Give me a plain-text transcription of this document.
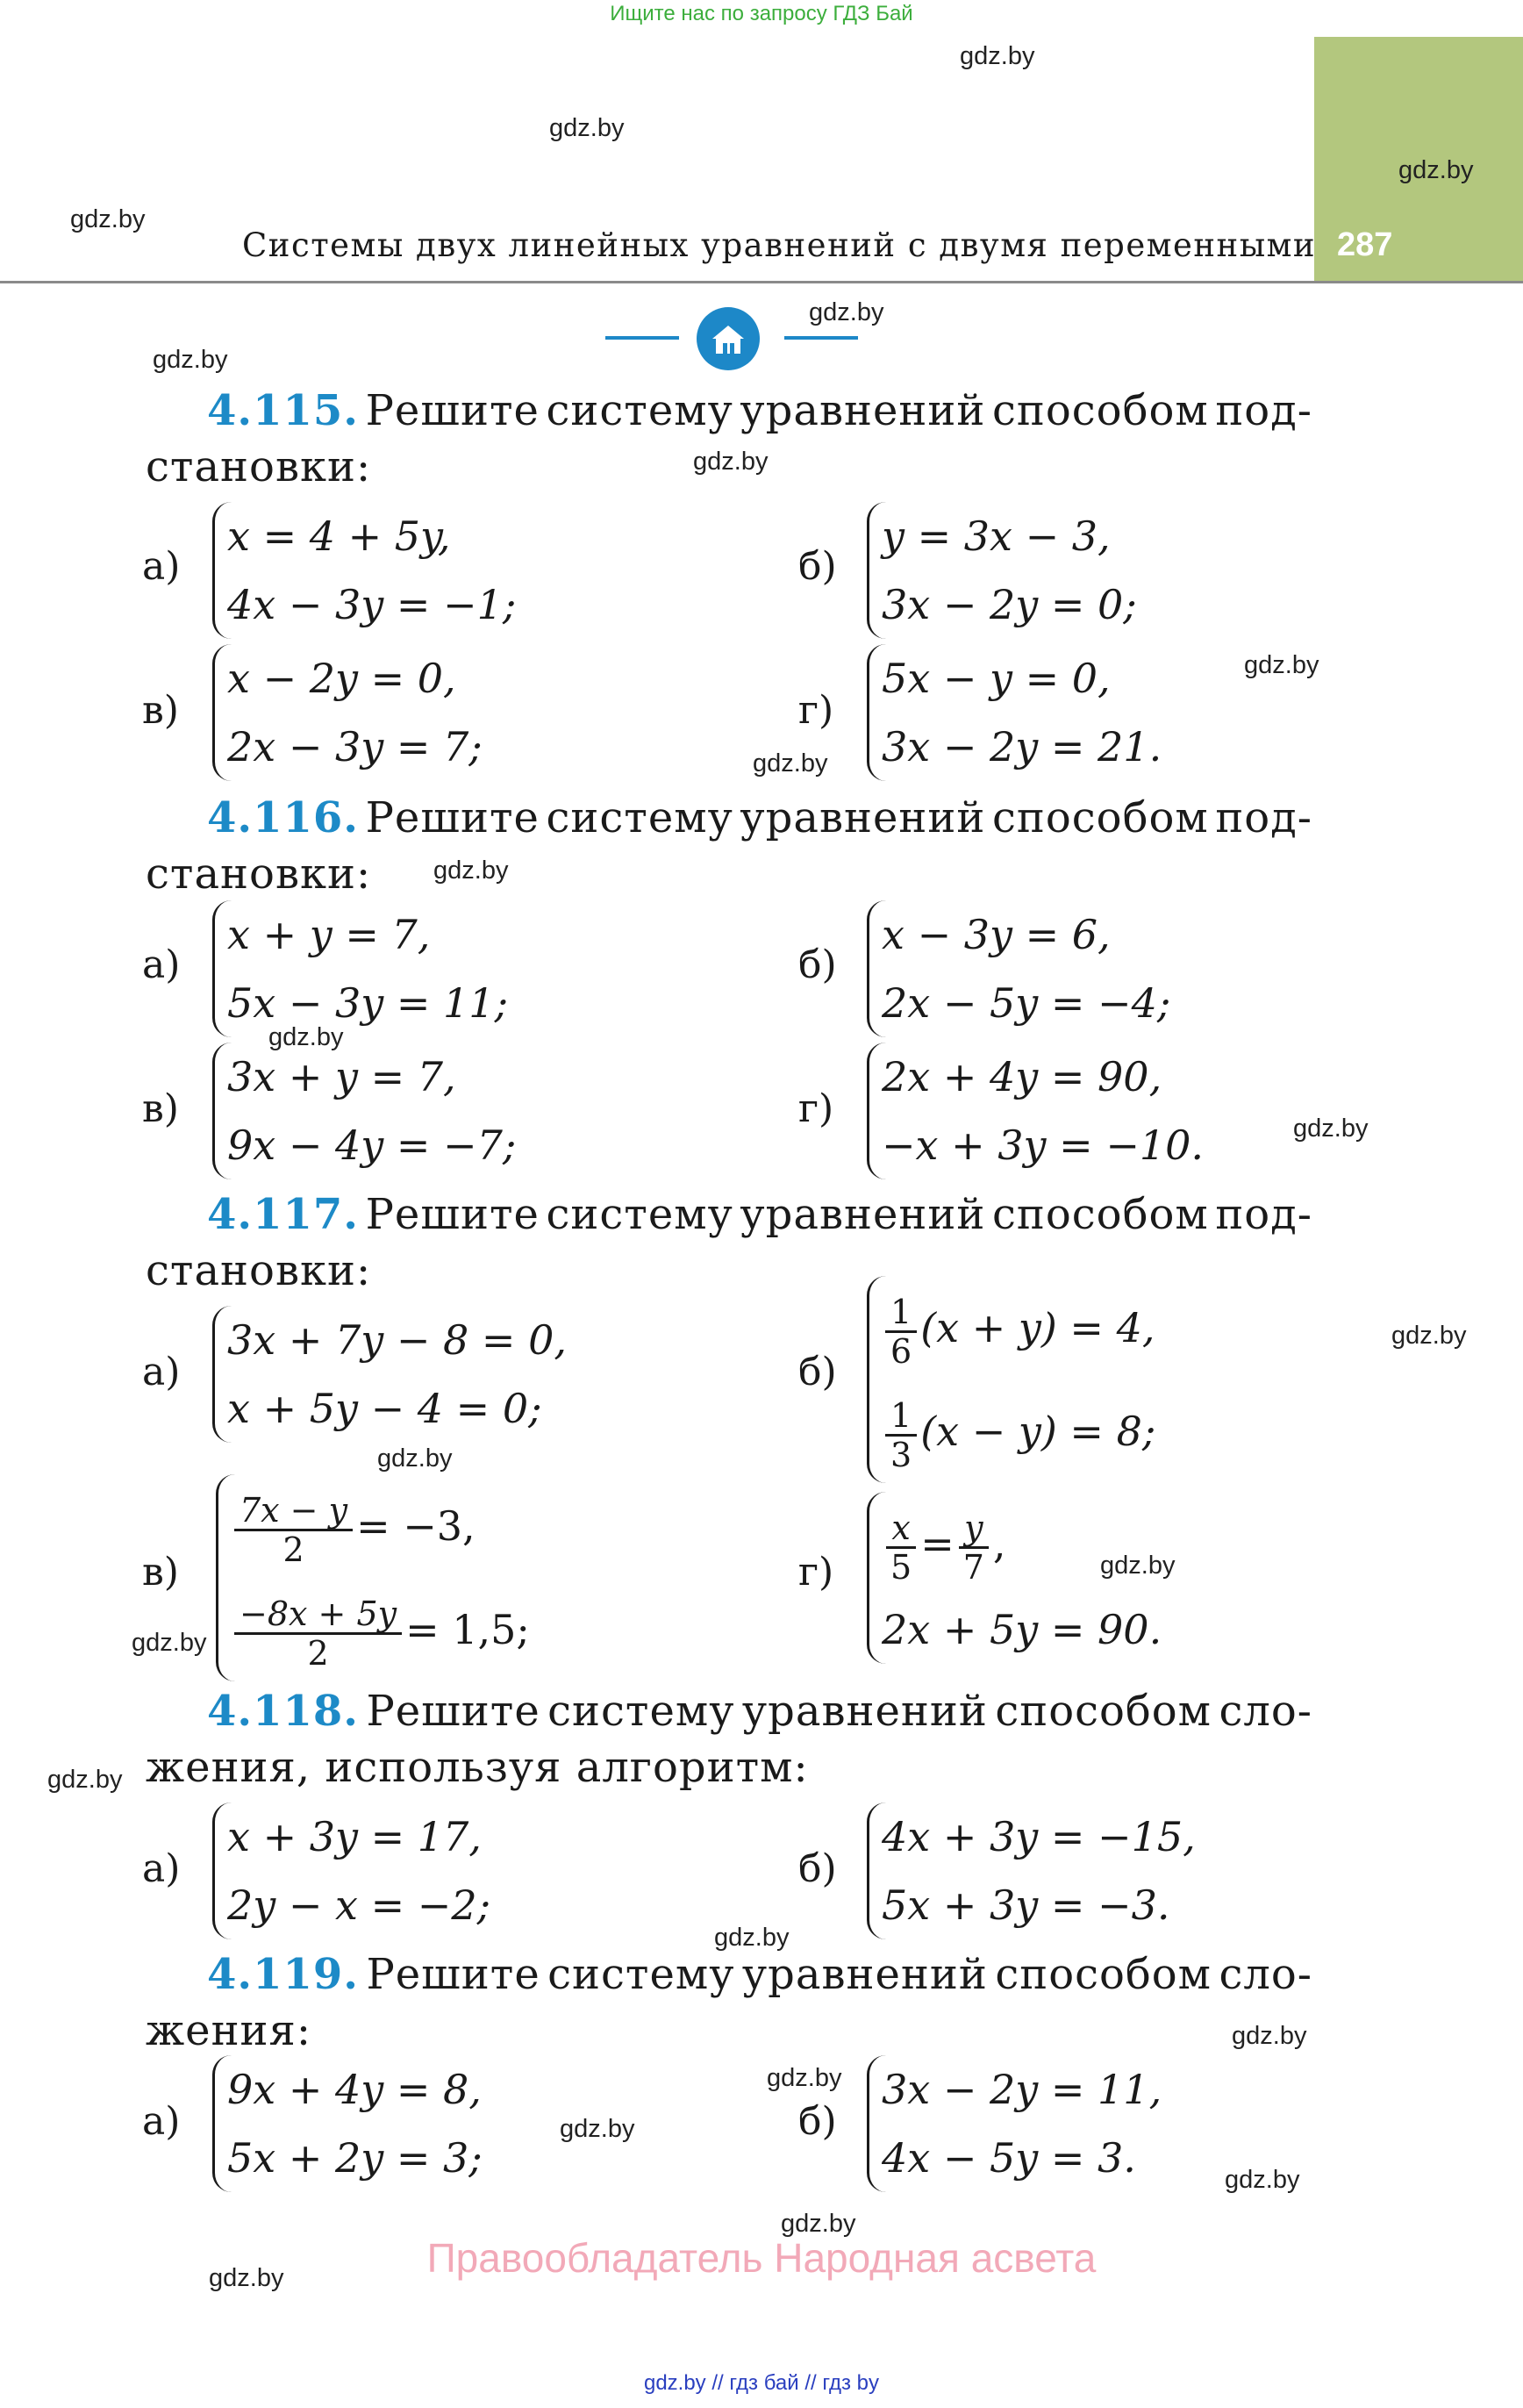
Ищите нас по запросу ГДЗ Бай
287
Системы двух линейных уравнений с двумя переменными
gdz.by
gdz.by
gdz.by
gdz.by
gdz.by
gdz.by
gdz.by
gdz.by
gdz.by
gdz.by
gdz.by
gdz.by
gdz.by
gdz.by
gdz.by
gdz.by
gdz.by
gdz.by
gdz.by
gdz.by
gdz.by
gdz.by
gdz.by
gdz.by
4.115. Решите систему уравнений способом под-
становки:
а)
x = 4 + 5y,
4x − 3y = −1;
б)
y = 3x − 3,
3x − 2y = 0;
в)
x − 2y = 0,
2x − 3y = 7;
г)
5x − y = 0,
3x − 2y = 21.
4.116. Решите систему уравнений способом под-
становки:
а)
x + y = 7,
5x − 3y = 11;
б)
x − 3y = 6,
2x − 5y = −4;
в)
3x + y = 7,
9x − 4y = −7;
г)
2x + 4y = 90,
−x + 3y = −10.
4.117. Решите систему уравнений способом под-
становки:
а)
3x + 7y − 8 = 0,
x + 5y − 4 = 0;
б)
$\frac{1}{6} (x + y) = 4$,
$\frac{1}{3} (x - y) = 8$;
в)
$\frac{7x - y}{2} = -3$,
$\frac{-8x + 5y}{2} = 1,5$;
$г) \frac{x}{5} = \frac{y}{7}$ ,
2x + 5y = 90.
4.118. Решите систему уравнений способом сло-
жения, используя алгоритм:
а)
x + 3y = 17,
2y − x = −2;
б)
4x + 3y = −15,
5x + 3y = −3.
4.119. Решите систему уравнений способом сло-
жения:
а)
9x + 4y = 8,
5x + 2y = 3;
б)
3x − 2y = 11,
4x − 5y = 3.
Правообладатель Народная асвета
gdz.by // гдз бай // гдз by
